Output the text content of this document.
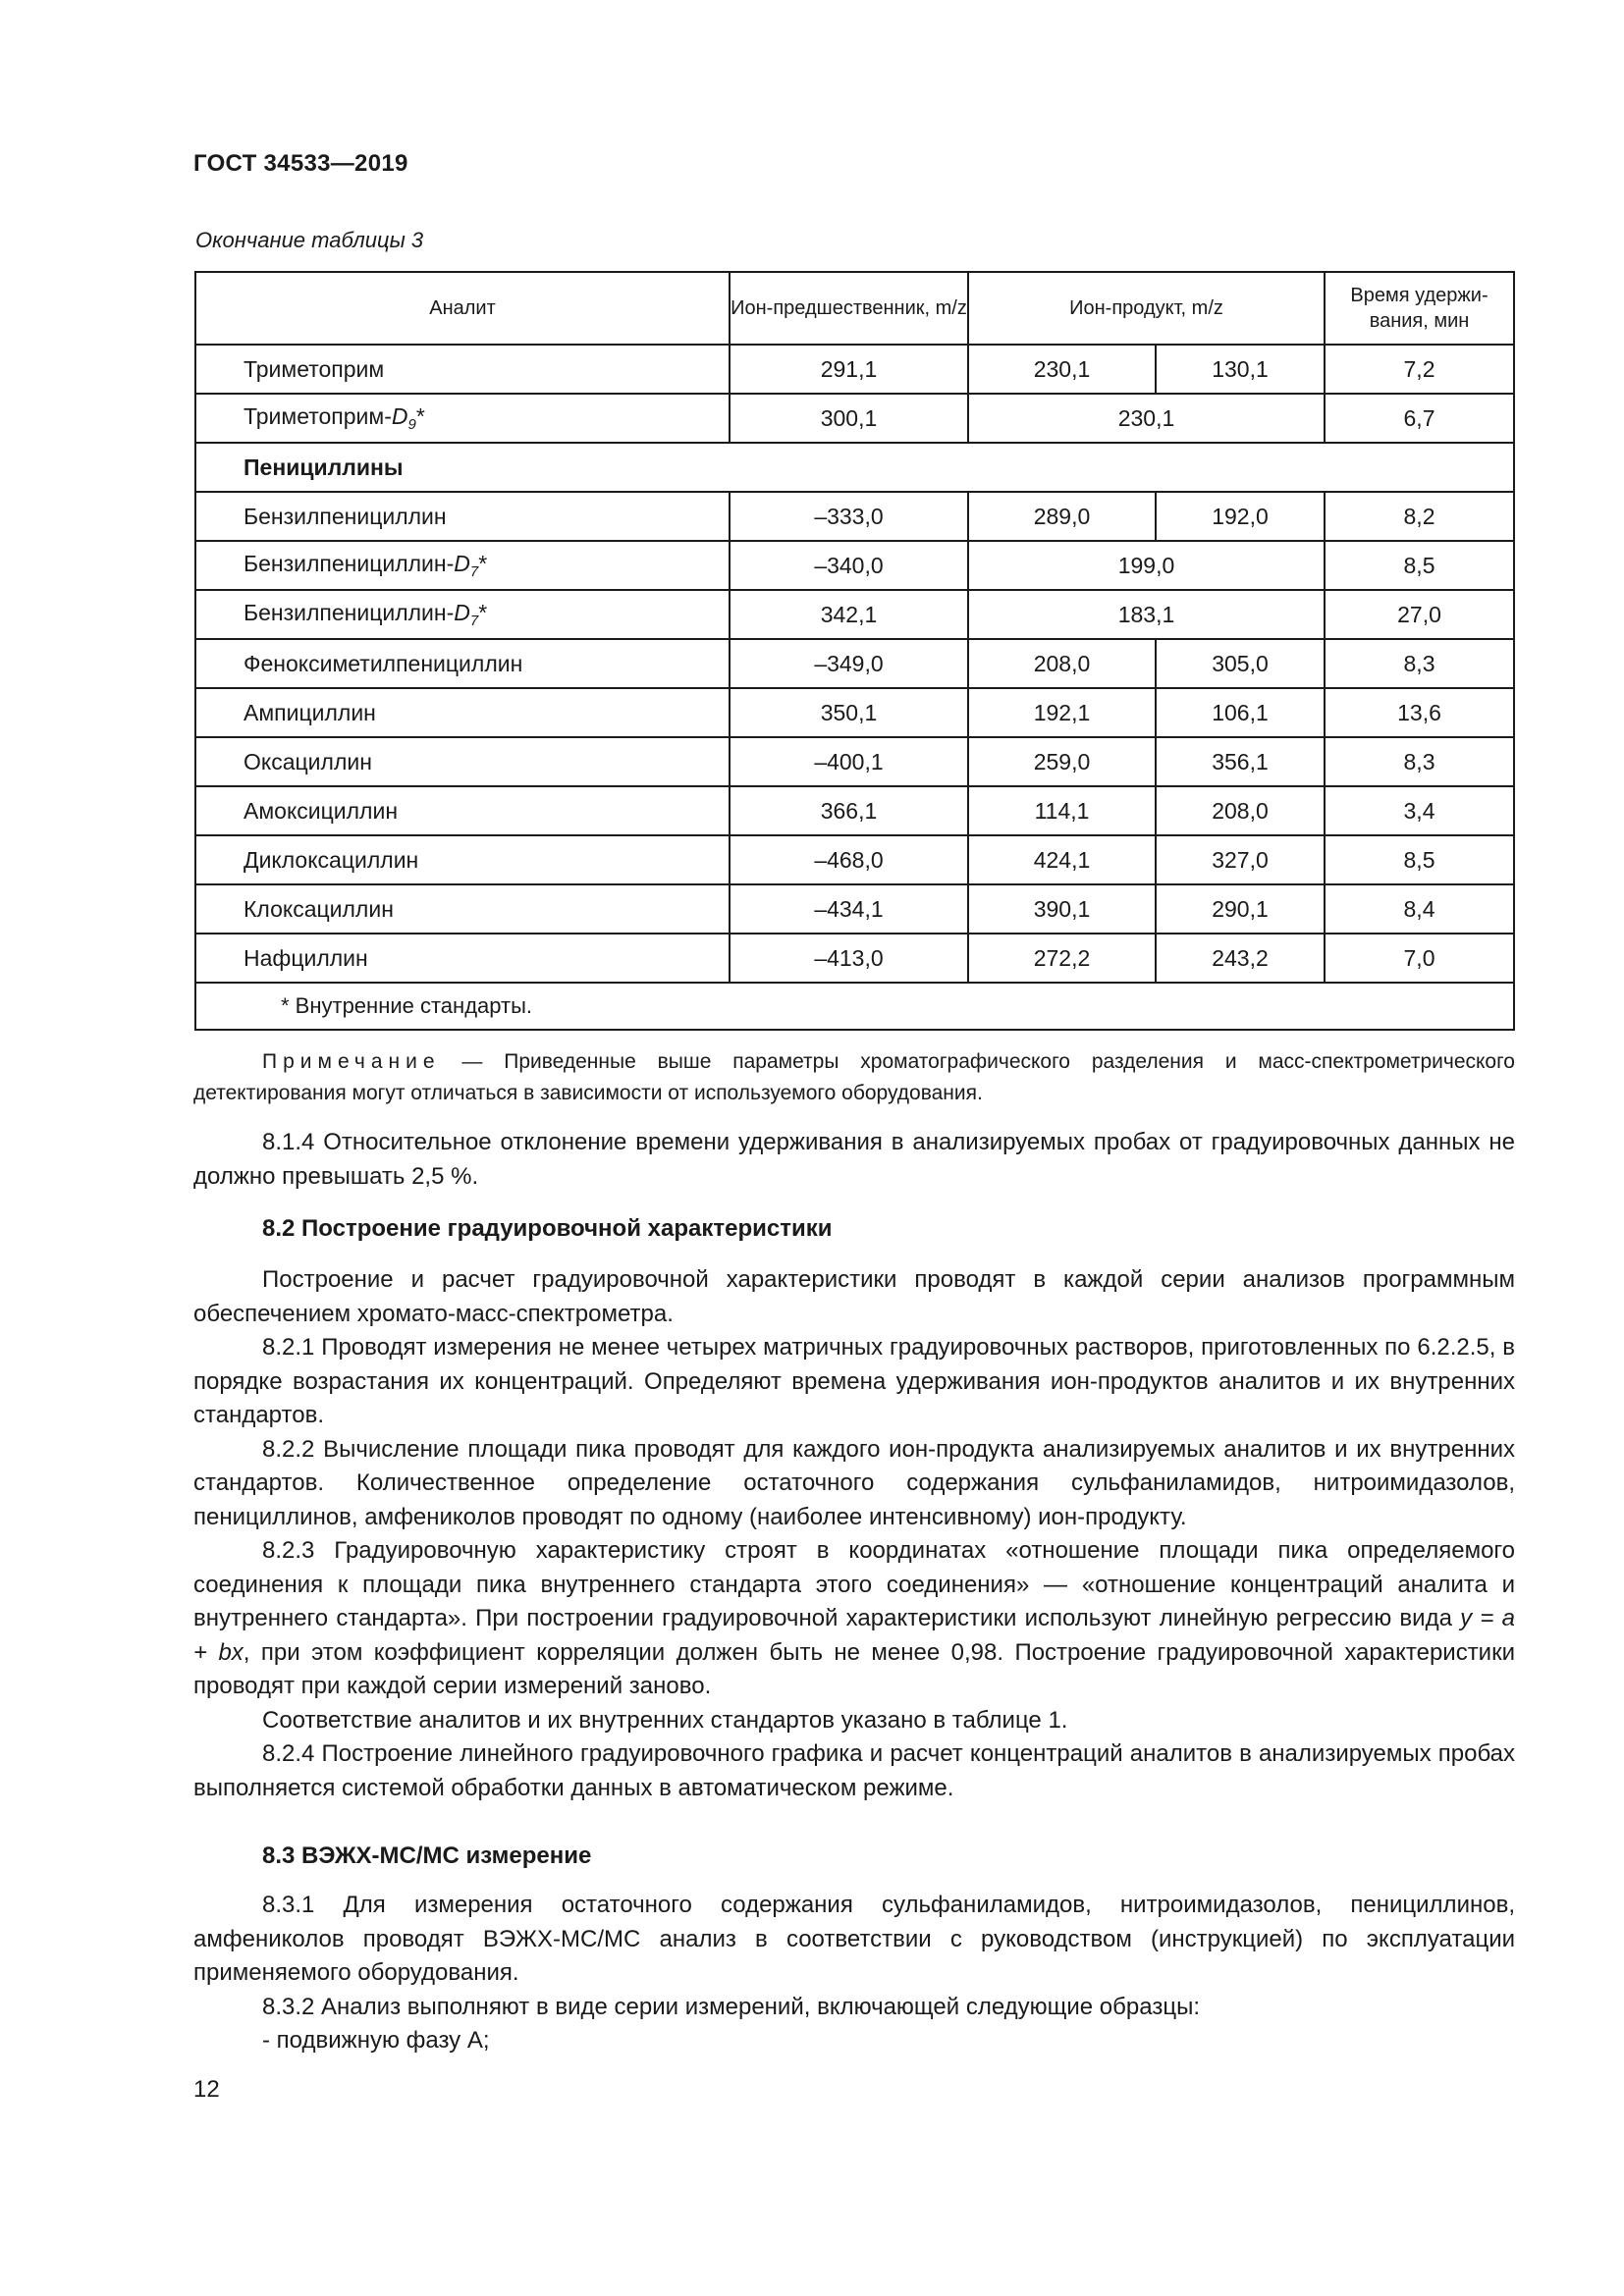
ГОСТ 34533—2019
Окончание таблицы 3
Аналит	Ион-предшественник, m/z	Ион-продукт, m/z		Время удержи-вания, мин
Триметоприм	291,1	230,1	130,1	7,2
Триметоприм-$D_9*$	300,1	230,1		6,7
Пенициллины				
Бензилпенициллин	–333,0	289,0	192,0	8,2
Бензилпенициллин-$D_7*$	–340,0	199,0		8,5
Бензилпенициллин-$D_7*$	342,1	183,1		27,0
Феноксиметилпенициллин	–349,0	208,0	305,0	8,3
Ампициллин	350,1	192,1	106,1	13,6
Оксациллин	–400,1	259,0	356,1	8,3
Амоксициллин	366,1	114,1	208,0	3,4
Диклоксациллин	–468,0	424,1	327,0	8,5
Клоксациллин	–434,1	390,1	290,1	8,4
Нафциллин	–413,0	272,2	243,2	7,0
* Внутренние стандарты.				

Примечание — Приведенные выше параметры хроматографического разделения и масс-спектрометрического детектирования могут отличаться в зависимости от используемого оборудования.

8.1.4 Относительное отклонение времени удерживания в анализируемых пробах от градуировочных данных не должно превышать 2,5 %.

8.2 Построение градуировочной характеристики

Построение и расчет градуировочной характеристики проводят в каждой серии анализов программным обеспечением хромато-масс-спектрометра.

8.2.1 Проводят измерения не менее четырех матричных градуировочных растворов, приготовленных по 6.2.2.5, в порядке возрастания их концентраций. Определяют времена удерживания ион-продуктов аналитов и их внутренних стандартов.

8.2.2 Вычисление площади пика проводят для каждого ион-продукта анализируемых аналитов и их внутренних стандартов. Количественное определение остаточного содержания сульфаниламидов, нитроимидазолов, пенициллинов, амфениколов проводят по одному (наиболее интенсивному) ион-продукту.

8.2.3 Градуировочную характеристику строят в координатах «отношение площади пика определяемого соединения к площади пика внутреннего стандарта этого соединения» — «отношение концентраций аналита и внутреннего стандарта». При построении градуировочной характеристики используют линейную регрессию вида y = a + bx, при этом коэффициент корреляции должен быть не менее 0,98. Построение градуировочной характеристики проводят при каждой серии измерений заново.

Соответствие аналитов и их внутренних стандартов указано в таблице 1.

8.2.4 Построение линейного градуировочного графика и расчет концентраций аналитов в анализируемых пробах выполняется системой обработки данных в автоматическом режиме.

8.3 ВЭЖХ-МС/МС измерение

8.3.1 Для измерения остаточного содержания сульфаниламидов, нитроимидазолов, пенициллинов, амфениколов проводят ВЭЖХ-МС/МС анализ в соответствии с руководством (инструкцией) по эксплуатации применяемого оборудования.

8.3.2 Анализ выполняют в виде серии измерений, включающей следующие образцы:

- подвижную фазу А;

12
